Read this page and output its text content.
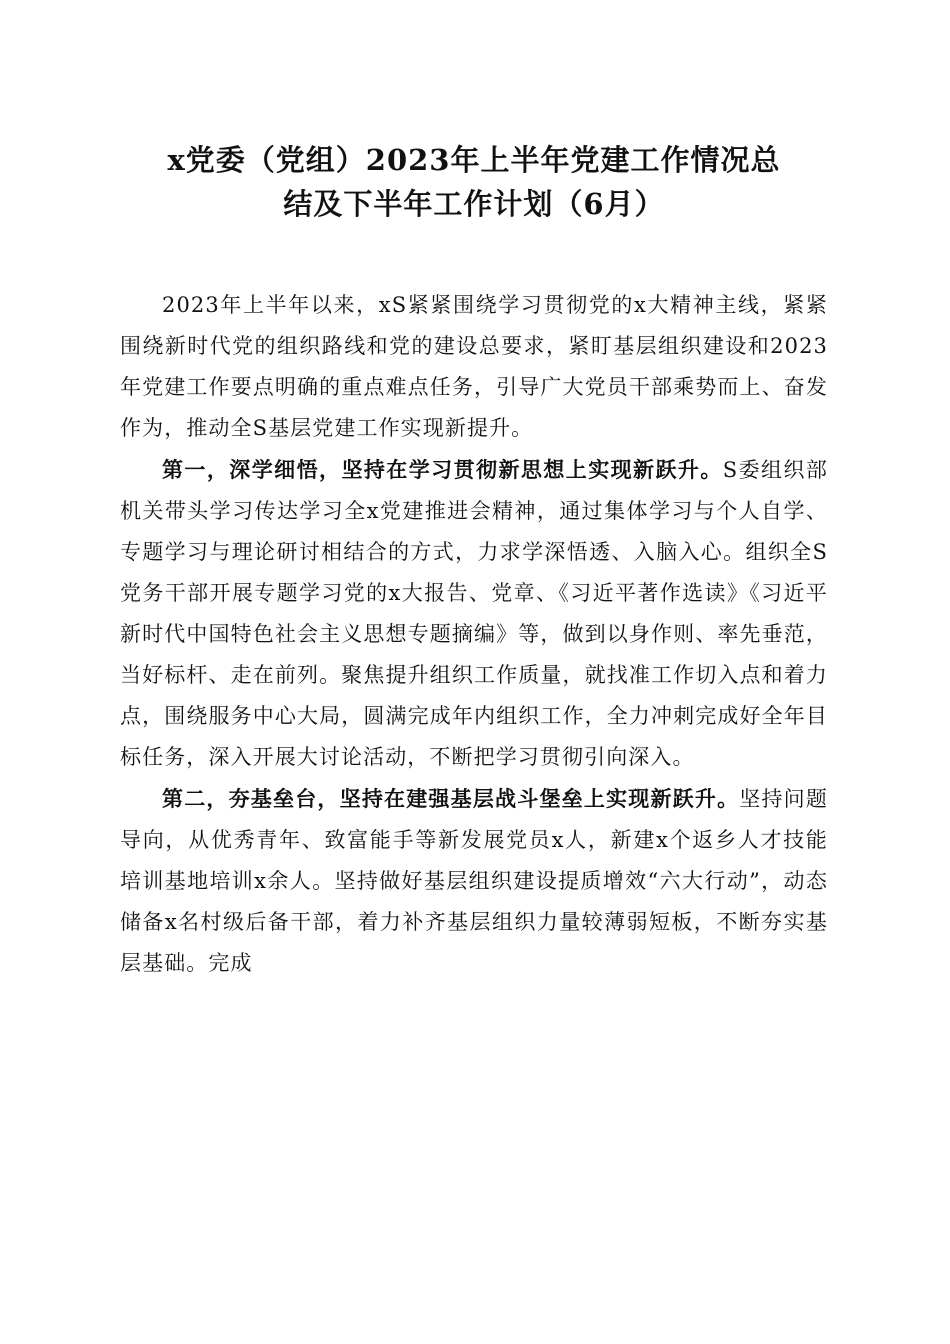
x党委（党组）2023年上半年党建工作情况总
结及下半年工作计划（6月）

2023年上半年以来，xS紧紧围绕学习贯彻党的x大精神主线，紧紧围绕新时代党的组织路线和党的建设总要求，紧盯基层组织建设和2023年党建工作要点明确的重点难点任务，引导广大党员干部乘势而上、奋发作为，推动全S基层党建工作实现新提升。

第一，深学细悟，坚持在学习贯彻新思想上实现新跃升。S委组织部机关带头学习传达学习全x党建推进会精神，通过集体学习与个人自学、专题学习与理论研讨相结合的方式，力求学深悟透、入脑入心。组织全S党务干部开展专题学习党的x大报告、党章、《习近平著作选读》《习近平新时代中国特色社会主义思想专题摘编》等，做到以身作则、率先垂范，当好标杆、走在前列。聚焦提升组织工作质量，就找准工作切入点和着力点，围绕服务中心大局，圆满完成年内组织工作，全力冲刺完成好全年目标任务，深入开展大讨论活动，不断把学习贯彻引向深入。

第二，夯基垒台，坚持在建强基层战斗堡垒上实现新跃升。坚持问题导向，从优秀青年、致富能手等新发展党员x人，新建x个返乡人才技能培训基地培训x余人。坚持做好基层组织建设提质增效“六大行动”，动态储备x名村级后备干部，着力补齐基层组织力量较薄弱短板，不断夯实基层基础。完成
